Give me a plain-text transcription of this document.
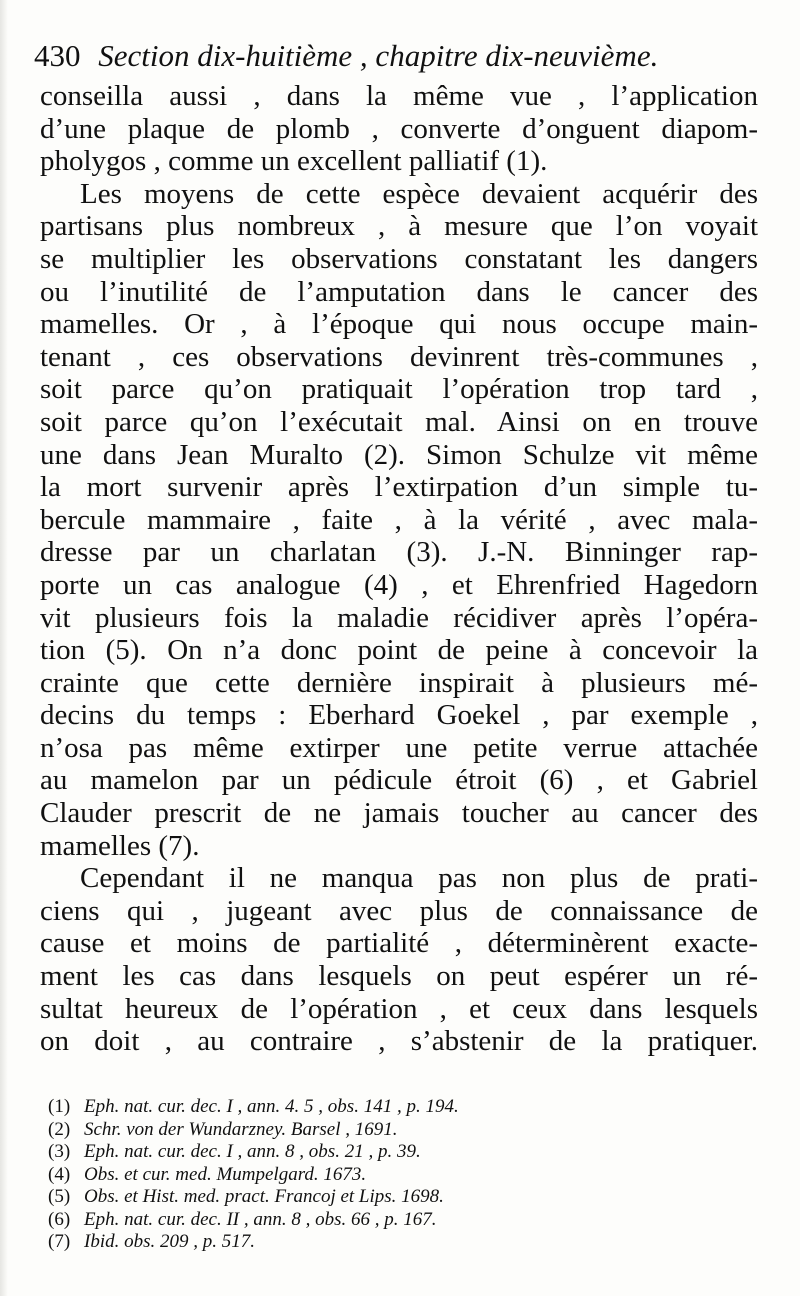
430 Section dix-huitième , chapitre dix-neuvième.
conseilla aussi , dans la même vue , l’application
d’une plaque de plomb , converte d’onguent diapom-
pholygos , comme un excellent palliatif (1).
Les moyens de cette espèce devaient acquérir des
partisans plus nombreux , à mesure que l’on voyait
se multiplier les observations constatant les dangers
ou l’inutilité de l’amputation dans le cancer des
mamelles. Or , à l’époque qui nous occupe main-
tenant , ces observations devinrent très-communes ,
soit parce qu’on pratiquait l’opération trop tard ,
soit parce qu’on l’exécutait mal. Ainsi on en trouve
une dans Jean Muralto (2). Simon Schulze vit même
la mort survenir après l’extirpation d’un simple tu-
bercule mammaire , faite , à la vérité , avec mala-
dresse par un charlatan (3). J.-N. Binninger rap-
porte un cas analogue (4) , et Ehrenfried Hagedorn
vit plusieurs fois la maladie récidiver après l’opéra-
tion (5). On n’a donc point de peine à concevoir la
crainte que cette dernière inspirait à plusieurs mé-
decins du temps : Eberhard Goekel , par exemple ,
n’osa pas même extirper une petite verrue attachée
au mamelon par un pédicule étroit (6) , et Gabriel
Clauder prescrit de ne jamais toucher au cancer des
mamelles (7).
Cependant il ne manqua pas non plus de prati-
ciens qui , jugeant avec plus de connaissance de
cause et moins de partialité , déterminèrent exacte-
ment les cas dans lesquels on peut espérer un ré-
sultat heureux de l’opération , et ceux dans lesquels
on doit , au contraire , s’abstenir de la pratiquer.
(1) Eph. nat. cur. dec. I , ann. 4. 5 , obs. 141 , p. 194.
(2) Schr. von der Wundarzney. Barsel , 1691.
(3) Eph. nat. cur. dec. I , ann. 8 , obs. 21 , p. 39.
(4) Obs. et cur. med. Mumpelgard. 1673.
(5) Obs. et Hist. med. pract. Francoj et Lips. 1698.
(6) Eph. nat. cur. dec. II , ann. 8 , obs. 66 , p. 167.
(7) Ibid. obs. 209 , p. 517.
